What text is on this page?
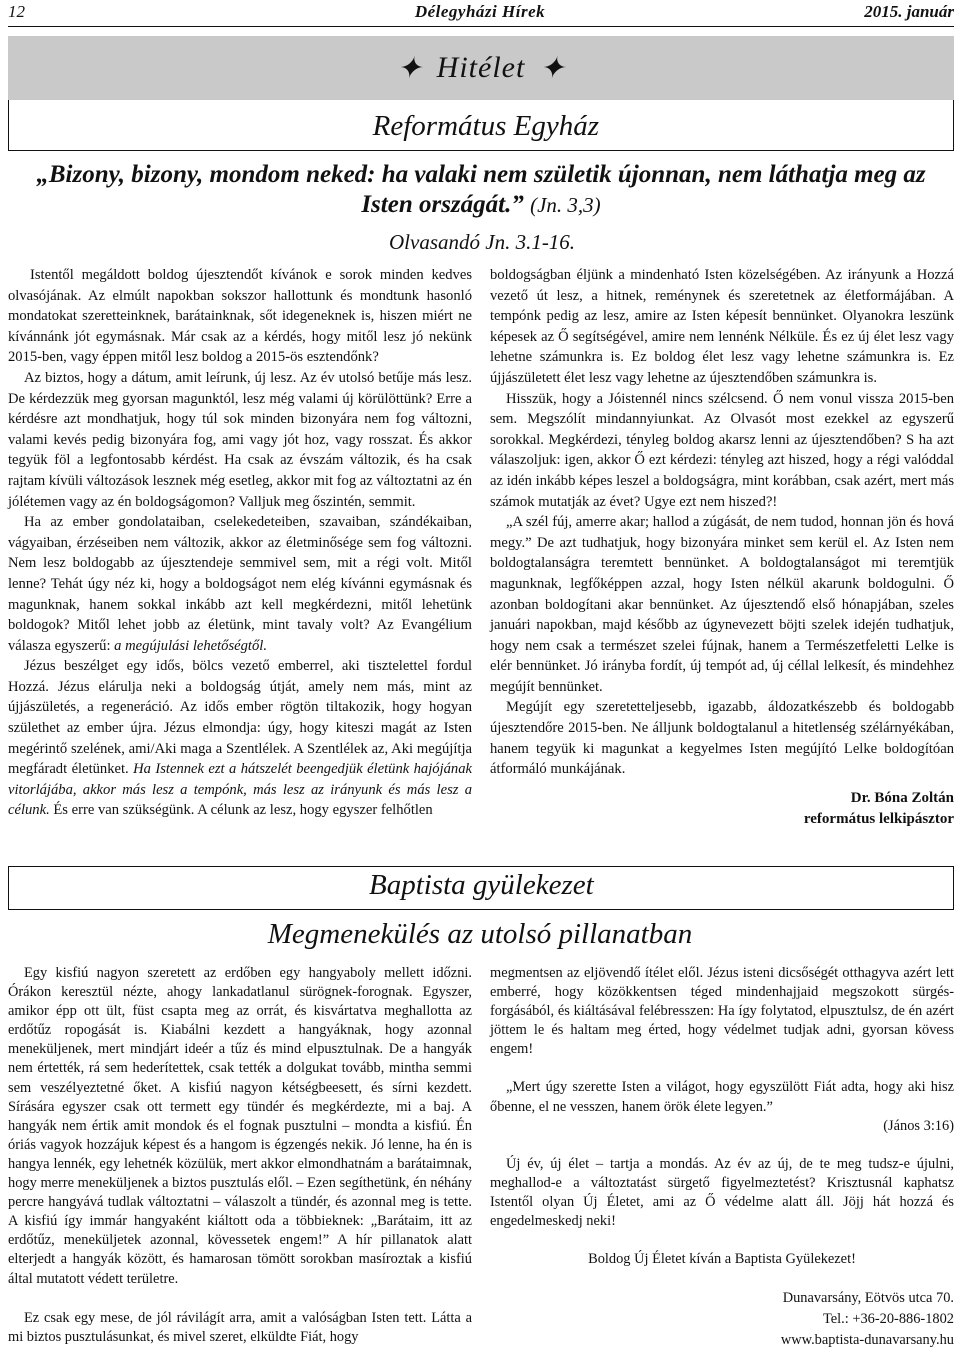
12	Délegyházi Hírek	2015. január
✦ Hitélet ✦
Református Egyház
„Bizony, bizony, mondom neked: ha valaki nem születik újonnan, nem láthatja meg az
Isten országát.” (Jn. 3,3)
Olvasandó Jn. 3.1-16.

Istentől megáldott boldog újesztendőt kívánok e sorok minden kedves olvasójának. Az elmúlt napokban sokszor hallottunk és mondtunk hasonló mondatokat szeretteinknek, barátainknak, sőt idegeneknek is, hiszen miért ne kívánnánk jót egymásnak. Már csak az a kérdés, hogy mitől lesz jó nekünk 2015-ben, vagy éppen mitől lesz boldog a 2015-ös esztendőnk?

Az biztos, hogy a dátum, amit leírunk, új lesz. Az év utolsó betűje más lesz. De kérdezzük meg gyorsan magunktól, lesz még valami új körülöttünk? Erre a kérdésre azt mondhatjuk, hogy túl sok minden bizonyára nem fog változni, valami kevés pedig bizonyára fog, ami vagy jót hoz, vagy rosszat. És akkor tegyük föl a legfontosabb kérdést. Ha csak az évszám változik, és ha csak rajtam kívüli változások lesznek még esetleg, akkor mit fog az változtatni az én jólétemen vagy az én boldogságomon? Valljuk meg őszintén, semmit.

Ha az ember gondolataiban, cselekedeteiben, szavaiban, szándékaiban, vágyaiban, érzéseiben nem változik, akkor az életminősége sem fog változni. Nem lesz boldogabb az újesztendeje semmivel sem, mit a régi volt. Mitől lenne? Tehát úgy néz ki, hogy a boldogságot nem elég kívánni egymásnak és magunknak, hanem sokkal inkább azt kell megkérdezni, mitől lehetünk boldogok? Mitől lehet jobb az életünk, mint tavaly volt? Az Evangélium válasza egyszerű: a megújulási lehetőségtől.

Jézus beszélget egy idős, bölcs vezető emberrel, aki tisztelettel fordul Hozzá. Jézus elárulja neki a boldogság útját, amely nem más, mint az újjászületés, a regeneráció. Az idős ember rögtön tiltakozik, hogy hogyan születhet az ember újra. Jézus elmondja: úgy, hogy kiteszi magát az Isten megérintő szelének, ami/Aki maga a Szentlélek. A Szentlélek az, Aki megújítja megfáradt életünket. Ha Istennek ezt a hátszelét beengedjük életünk hajójának vitorlájába, akkor más lesz a tempónk, más lesz az irányunk és más lesz a célunk. És erre van szükségünk. A célunk az lesz, hogy egyszer felhőtlen

boldogságban éljünk a mindenható Isten közelségében. Az irányunk a Hozzá vezető út lesz, a hitnek, reménynek és szeretetnek az életformájában. A tempónk pedig az lesz, amire az Isten képesít bennünket. Olyanokra leszünk képesek az Ő segítségével, amire nem lennénk Nélküle. És ez új élet lesz vagy lehetne számunkra is. Ez boldog élet lesz vagy lehetne számunkra is. Ez újjászületett élet lesz vagy lehetne az újesztendőben számunkra is.

Hisszük, hogy a Jóistennél nincs szélcsend. Ő nem vonul vissza 2015-ben sem. Megszólít mindannyiunkat. Az Olvasót most ezekkel az egyszerű sorokkal. Megkérdezi, tényleg boldog akarsz lenni az újesztendőben? S ha azt válaszoljuk: igen, akkor Ő ezt kérdezi: tényleg azt hiszed, hogy a régi valóddal az idén inkább képes leszel a boldogságra, mint korábban, csak azért, mert más számok mutatják az évet? Ugye ezt nem hiszed?!

„A szél fúj, amerre akar; hallod a zúgását, de nem tudod, honnan jön és hová megy.” De azt tudhatjuk, hogy bizonyára minket sem kerül el. Az Isten nem boldogtalanságra teremtett bennünket. A boldogtalanságot mi teremtjük magunknak, legfőképpen azzal, hogy Isten nélkül akarunk boldogulni. Ő azonban boldogítani akar bennünket. Az újesztendő első hónapjában, szeles januári napokban, majd később az úgynevezett böjti szelek idején tudhatjuk, hogy nem csak a természet szelei fújnak, hanem a Természetfeletti Lelke is elér bennünket. Jó irányba fordít, új tempót ad, új céllal lelkesít, és mindehhez megújít bennünket.

Megújít egy szeretetteljesebb, igazabb, áldozatkészebb és boldogabb újesztendőre 2015-ben. Ne álljunk boldogtalanul a hitetlenség szélárnyékában, hanem tegyük ki magunkat a kegyelmes Isten megújító Lelke boldogítóan átformáló munkájának.

Dr. Bóna Zoltán
református lelkipásztor
Baptista gyülekezet
Megmenekülés az utolsó pillanatban

Egy kisfiú nagyon szeretett az erdőben egy hangyaboly mellett időzni. Órákon keresztül nézte, ahogy lankadatlanul sürögnek-forognak. Egyszer, amikor épp ott ült, füst csapta meg az orrát, és kisvártatva meghallotta az erdőtűz ropogását is. Kiabálni kezdett a hangyáknak, hogy azonnal meneküljenek, mert mindjárt ideér a tűz és mind elpusztulnak. De a hangyák nem értették, rá sem hederítettek, csak tették a dolgukat tovább, mintha semmi sem veszélyeztetné őket. A kisfiú nagyon kétségbeesett, és sírni kezdett. Sírására egyszer csak ott termett egy tündér és megkérdezte, mi a baj. A hangyák nem értik amit mondok és el fognak pusztulni – mondta a kisfiú. Én óriás vagyok hozzájuk képest és a hangom is égzengés nekik. Jó lenne, ha én is hangya lennék, egy lehetnék közülük, mert akkor elmondhatnám a barátaimnak, hogy merre meneküljenek a biztos pusztulás elől. – Ezen segíthetünk, én néhány percre hangyává tudlak változtatni – válaszolt a tündér, és azonnal meg is tette. A kisfiú így immár hangyaként kiáltott oda a többieknek: „Barátaim, itt az erdőtűz, meneküljetek azonnal, kövessetek engem!” A hír pillanatok alatt elterjedt a hangyák között, és hamarosan tömött sorokban masíroztak a kisfiú által mutatott védett területre.

Ez csak egy mese, de jól rávilágít arra, amit a valóságban Isten tett. Látta a mi biztos pusztulásunkat, és mivel szeret, elküldte Fiát, hogy

megmentsen az eljövendő ítélet elől. Jézus isteni dicsőségét otthagyva azért lett emberré, hogy közökkentsen téged mindenhajjaid megszokott sürgés-forgásából, és kiáltásával felébresszen: Ha így folytatod, elpusztulsz, de én azért jöttem le és haltam meg érted, hogy védelmet tudjak adni, gyorsan kövess engem!

„Mert úgy szerette Isten a világot, hogy egyszülött Fiát adta, hogy aki hisz őbenne, el ne vesszen, hanem örök élete legyen.”

(János 3:16)

Új év, új élet – tartja a mondás. Az év az új, de te meg tudsz-e újulni, meghallod-e a változtatást sürgető figyelmeztetést? Krisztusnál kaphatsz Istentől olyan Új Életet, ami az Ő védelme alatt áll. Jöjj hát hozzá és engedelmeskedj neki!

Boldog Új Életet kíván a Baptista Gyülekezet!
Dunavarsány, Eötvös utca 70.
Tel.: +36-20-886-1802
www.baptista-dunavarsany.hu
